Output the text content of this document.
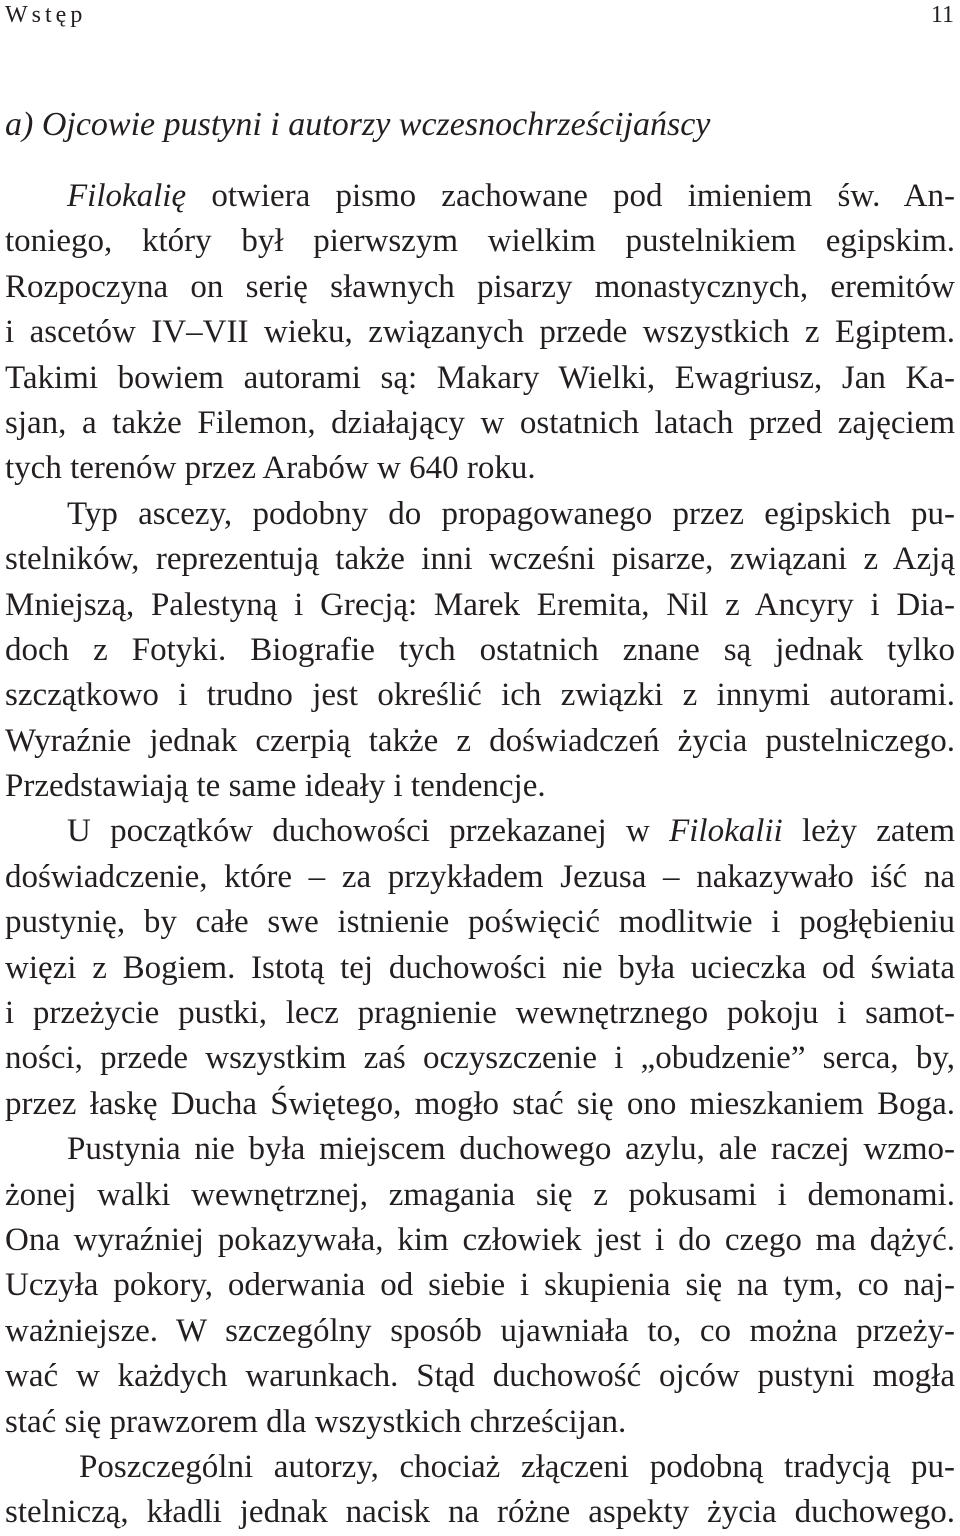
Wstęp	11
a) Ojcowie pustyni i autorzy wczesnochrześcijańscy
Filokalię otwiera pismo zachowane pod imieniem św. An-
toniego, który był pierwszym wielkim pustelnikiem egipskim.
Rozpoczyna on serię sławnych pisarzy monastycznych, eremitów
i ascetów IV–VII wieku, związanych przede wszystkich z Egiptem.
Takimi bowiem autorami są: Makary Wielki, Ewagriusz, Jan Ka-
sjan, a także Filemon, działający w ostatnich latach przed zajęciem
tych terenów przez Arabów w 640 roku.
Typ ascezy, podobny do propagowanego przez egipskich pu-
stelników, reprezentują także inni wcześni pisarze, związani z Azją
Mniejszą, Palestyną i Grecją: Marek Eremita, Nil z Ancyry i Dia-
doch z Fotyki. Biografie tych ostatnich znane są jednak tylko
szczątkowo i trudno jest określić ich związki z innymi autorami.
Wyraźnie jednak czerpią także z doświadczeń życia pustelniczego.
Przedstawiają te same ideały i tendencje.
U początków duchowości przekazanej w Filokalii leży zatem
doświadczenie, które – za przykładem Jezusa – nakazywało iść na
pustynię, by całe swe istnienie poświęcić modlitwie i pogłębieniu
więzi z Bogiem. Istotą tej duchowości nie była ucieczka od świata
i przeżycie pustki, lecz pragnienie wewnętrznego pokoju i samot-
ności, przede wszystkim zaś oczyszczenie i „obudzenie” serca, by,
przez łaskę Ducha Świętego, mogło stać się ono mieszkaniem Boga.
Pustynia nie była miejscem duchowego azylu, ale raczej wzmo-
żonej walki wewnętrznej, zmagania się z pokusami i demonami.
Ona wyraźniej pokazywała, kim człowiek jest i do czego ma dążyć.
Uczyła pokory, oderwania od siebie i skupienia się na tym, co naj-
ważniejsze. W szczególny sposób ujawniała to, co można przeży-
wać w każdych warunkach. Stąd duchowość ojców pustyni mogła
stać się prawzorem dla wszystkich chrześcijan.
Poszczególni autorzy, chociaż złączeni podobną tradycją pu-
stelniczą, kładli jednak nacisk na różne aspekty życia duchowego.
